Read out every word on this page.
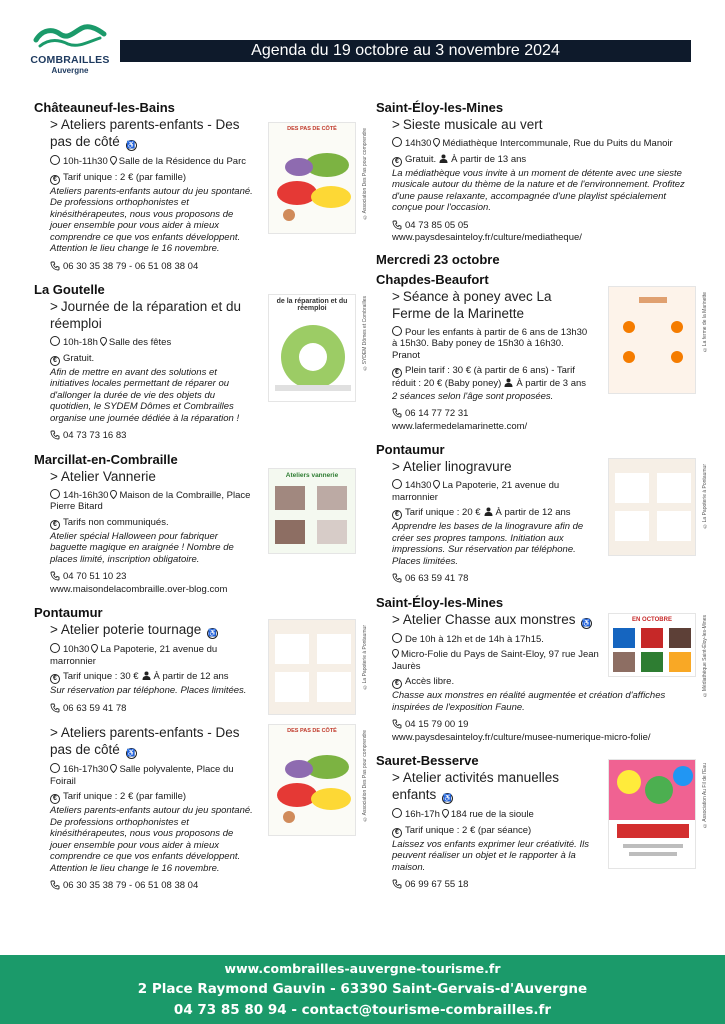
COMBRAILLES
Auvergne
Agenda du 19 octobre au 3 novembre 2024
Châteauneuf-les-Bains
> Ateliers parents-enfants - Des pas de côté ♿
10h-11h30 Salle de la Résidence du Parc
€ Tarif unique : 2 € (par famille)
Ateliers parents-enfants autour du jeu spontané. De professions orthophonistes et kinésithérapeutes, nous vous proposons de jouer ensemble pour vous aider à mieux comprendre ce que vos enfants développent. Attention le lieu change le 16 novembre.
06 30 35 38 79 - 06 51 08 38 04
DES PAS DE CÔTÉ	©Association Des Pas pour comprendre
La Goutelle
> Journée de la réparation et du réemploi
10h-18h Salle des fêtes
€ Gratuit.
Afin de mettre en avant des solutions et initiatives locales permettant de réparer ou d'allonger la durée de vie des objets du quotidien, le SYDEM Dômes et Combrailles organise une journée dédiée à la réparation !
04 73 73 16 83
de la réparation et du réemploi	©SYDEM Dômes et Combrailles
Marcillat-en-Combraille
> Atelier Vannerie
14h-16h30 Maison de la Combraille, Place Pierre Bitard
€ Tarifs non communiqués.
Atelier spécial Halloween pour fabriquer baguette magique en araignée ! Nombre de places limité, inscription obligatoire.
04 70 51 10 23
www.maisondelacombraille.over-blog.com
Ateliers vannerie
Pontaumur
> Atelier poterie tournage ♿
10h30 La Papoterie, 21 avenue du marronnier
€ Tarif unique : 30 € À partir de 12 ans
Sur réservation par téléphone. Places limitées.
06 63 59 41 78
©La Papoterie à Pontaumur
> Ateliers parents-enfants - Des pas de côté ♿
16h-17h30 Salle polyvalente, Place du Foirail
€ Tarif unique : 2 € (par famille)
Ateliers parents-enfants autour du jeu spontané. De professions orthophonistes et kinésithérapeutes, nous vous proposons de jouer ensemble pour vous aider à mieux comprendre ce que vos enfants développent. Attention le lieu change le 16 novembre.
06 30 35 38 79 - 06 51 08 38 04
DES PAS DE CÔTÉ	©Association Des Pas pour comprendre
Saint-Éloy-les-Mines
> Sieste musicale au vert
14h30 Médiathèque Intercommunale, Rue du Puits du Manoir
€ Gratuit. À partir de 13 ans
La médiathèque vous invite à un moment de détente avec une sieste musicale autour du thème de la nature et de l'environnement. Profitez d'une pause relaxante, accompagnée d'une playlist spécialement conçue pour l'occasion.
04 73 85 05 05
www.paysdesainteloy.fr/culture/mediatheque/
Mercredi 23 octobre
Chapdes-Beaufort
> Séance à poney avec La Ferme de la Marinette
Pour les enfants à partir de 6 ans de 13h30 à 15h30. Baby poney de 15h30 à 16h30. Pranot
€ Plein tarif : 30 € (à partir de 6 ans) - Tarif réduit : 20 € (Baby poney) À partir de 3 ans
2 séances selon l'âge sont proposées.
06 14 77 72 31
www.lafermedelamarinette.com/
©La ferme de la Marinette
Pontaumur
> Atelier linogravure
14h30 La Papoterie, 21 avenue du marronnier
€ Tarif unique : 20 € À partir de 12 ans
Apprendre les bases de la linogravure afin de créer ses propres tampons. Initiation aux impressions. Sur réservation par téléphone. Places limitées.
06 63 59 41 78
©La Papoterie à Pontaumur
Saint-Éloy-les-Mines
> Atelier Chasse aux monstres ♿
De 10h à 12h et de 14h à 17h15.
Micro-Folie du Pays de Saint-Eloy, 97 rue Jean Jaurès
€ Accès libre.
Chasse aux monstres en réalité augmentée et création d'affiches inspirées de l'exposition Faune.
04 15 79 00 19
www.paysdesainteloy.fr/culture/musee-numerique-micro-folie/
EN OCTOBRE	©Médiathèque Saint-Éloy-les-Mines
Sauret-Besserve
> Atelier activités manuelles enfants ♿
16h-17h 184 rue de la sioule
€ Tarif unique : 2 € (par séance)
Laissez vos enfants exprimer leur créativité. Ils peuvent réaliser un objet et le rapporter à la maison.
06 99 67 55 18
©Association Au Fil de l'Eau
www.combrailles-auvergne-tourisme.fr
2 Place Raymond Gauvin - 63390 Saint-Gervais-d'Auvergne
04 73 85 80 94 - contact@tourisme-combrailles.fr
